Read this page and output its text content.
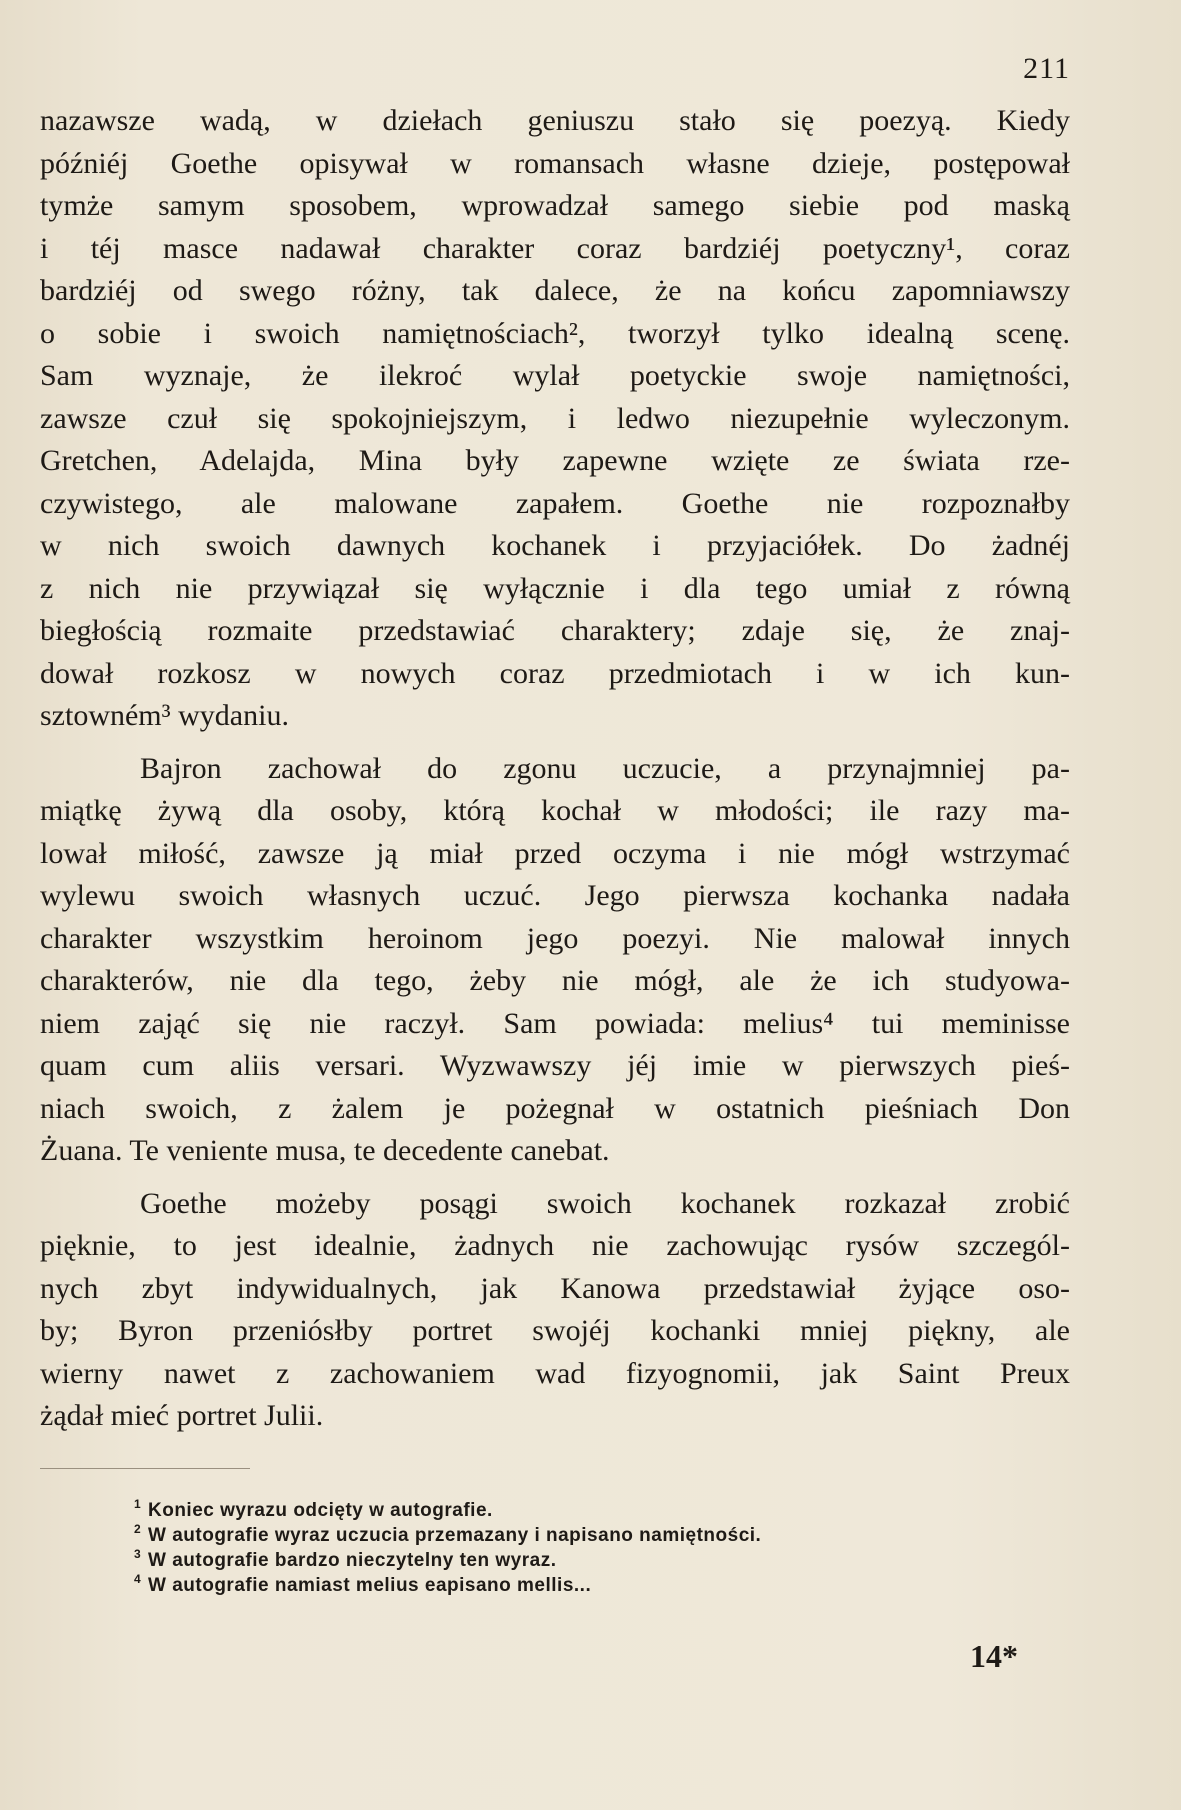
211
nazawsze wadą, w dziełach geniuszu stało się poezyą. Kiedy
późniéj Goethe opisywał w romansach własne dzieje, postępował
tymże samym sposobem, wprowadzał samego siebie pod maską
i téj masce nadawał charakter coraz bardziéj poetyczny¹, coraz
bardziéj od swego różny, tak dalece, że na końcu zapomniawszy
o sobie i swoich namiętnościach², tworzył tylko idealną scenę.
Sam wyznaje, że ilekroć wylał poetyckie swoje namiętności,
zawsze czuł się spokojniejszym, i ledwo niezupełnie wyleczonym.
Gretchen, Adelajda, Mina były zapewne wzięte ze świata rze-
czywistego, ale malowane zapałem. Goethe nie rozpoznałby
w nich swoich dawnych kochanek i przyjaciółek. Do żadnéj
z nich nie przywiązał się wyłącznie i dla tego umiał z równą
biegłością rozmaite przedstawiać charaktery; zdaje się, że znaj-
dował rozkosz w nowych coraz przedmiotach i w ich kun-
sztowném³ wydaniu.
Bajron zachował do zgonu uczucie, a przynajmniej pa-
miątkę żywą dla osoby, którą kochał w młodości; ile razy ma-
lował miłość, zawsze ją miał przed oczyma i nie mógł wstrzymać
wylewu swoich własnych uczuć. Jego pierwsza kochanka nadała
charakter wszystkim heroinom jego poezyi. Nie malował innych
charakterów, nie dla tego, żeby nie mógł, ale że ich studyowa-
niem zająć się nie raczył. Sam powiada: melius⁴ tui meminisse
quam cum aliis versari. Wyzwawszy jéj imie w pierwszych pieś-
niach swoich, z żalem je pożegnał w ostatnich pieśniach Don
Żuana. Te veniente musa, te decedente canebat.
Goethe możeby posągi swoich kochanek rozkazał zrobić
pięknie, to jest idealnie, żadnych nie zachowując rysów szczegól-
nych zbyt indywidualnych, jak Kanowa przedstawiał żyjące oso-
by; Byron przeniósłby portret swojéj kochanki mniej piękny, ale
wierny nawet z zachowaniem wad fizyognomii, jak Saint Preux
żądał mieć portret Julii.
1 Koniec wyrazu odcięty w autografie.
2 W autografie wyraz uczucia przemazany i napisano namiętności.
3 W autografie bardzo nieczytelny ten wyraz.
4 W autografie namiast melius eapisano mellis...
14*
